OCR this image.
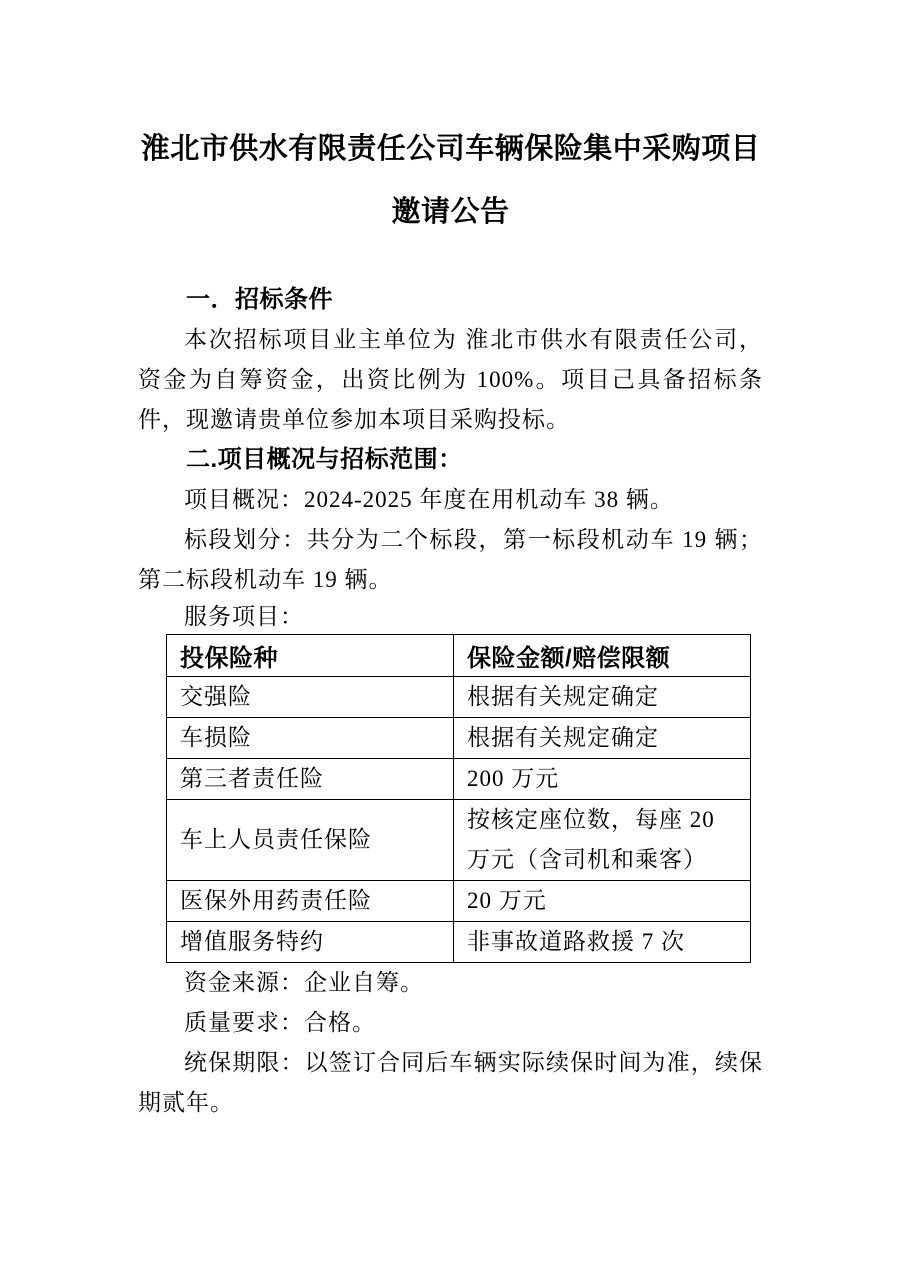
淮北市供水有限责任公司车辆保险集中采购项目
邀请公告
一．招标条件

本次招标项目业主单位为 淮北市供水有限责任公司，资金为自筹资金，出资比例为 100%。项目己具备招标条件，现邀请贵单位参加本项目采购投标。

二.项目概况与招标范围：

项目概况：2024-2025 年度在用机动车 38 辆。

标段划分：共分为二个标段，第一标段机动车 19 辆；第二标段机动车 19 辆。

服务项目：

投保险种	保险金额/赔偿限额
交强险	根据有关规定确定
车损险	根据有关规定确定
第三者责任险	200 万元
车上人员责任保险	按核定座位数，每座 20 万元（含司机和乘客）
医保外用药责任险	20 万元
增值服务特约	非事故道路救援 7 次

资金来源：企业自筹。

质量要求：合格。

统保期限：以签订合同后车辆实际续保时间为准，续保期贰年。
